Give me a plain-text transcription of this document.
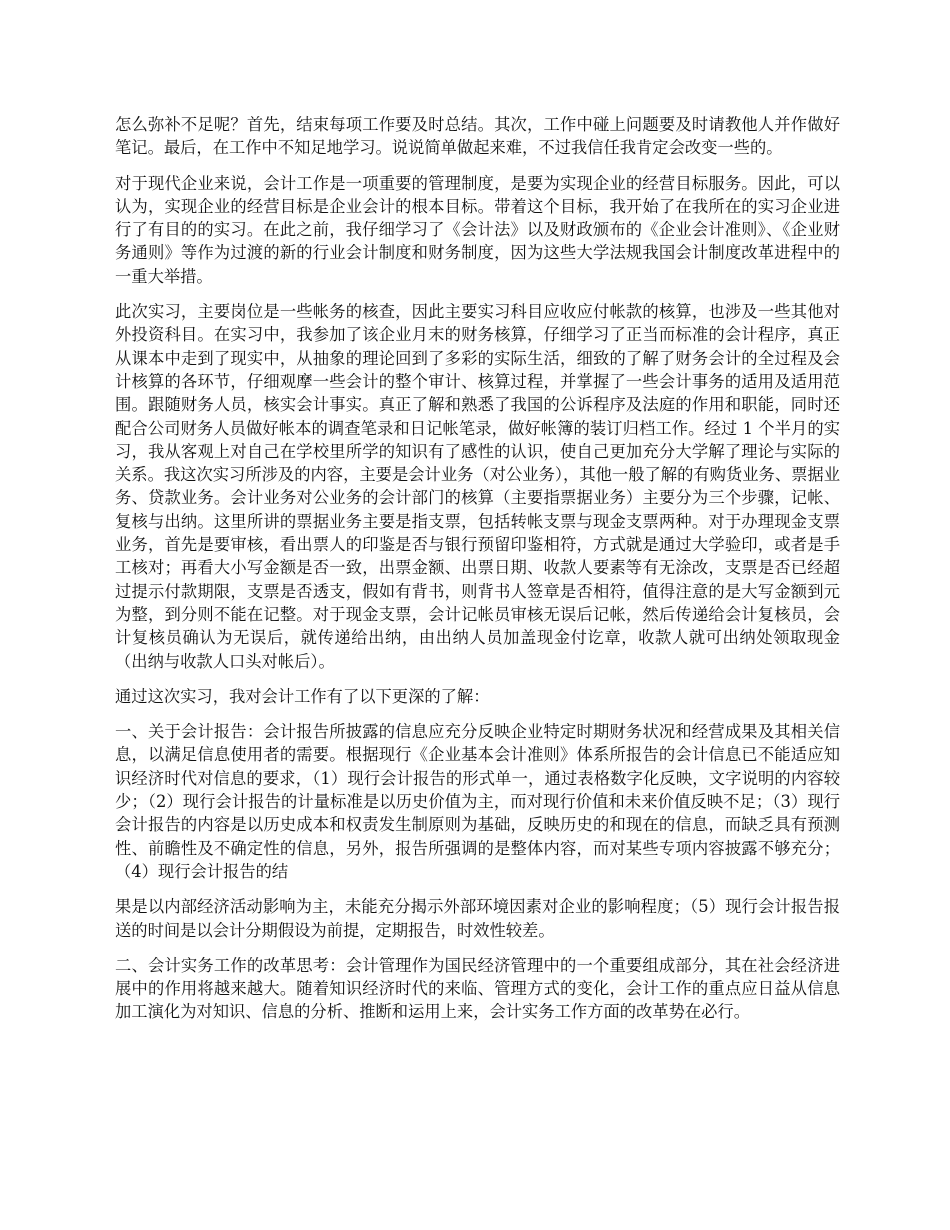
怎么弥补不足呢？首先，结束每项工作要及时总结。其次，工作中碰上问题要及时请教他人并作做好笔记。最后，在工作中不知足地学习。说说简单做起来难，不过我信任我肯定会改变一些的。

对于现代企业来说，会计工作是一项重要的管理制度，是要为实现企业的经营目标服务。因此，可以认为，实现企业的经营目标是企业会计的根本目标。带着这个目标，我开始了在我所在的实习企业进行了有目的的实习。在此之前，我仔细学习了《会计法》以及财政颁布的《企业会计准则》、《企业财务通则》等作为过渡的新的行业会计制度和财务制度，因为这些大学法规我国会计制度改革进程中的一重大举措。

此次实习，主要岗位是一些帐务的核查，因此主要实习科目应收应付帐款的核算，也涉及一些其他对外投资科目。在实习中，我参加了该企业月末的财务核算，仔细学习了正当而标准的会计程序，真正从课本中走到了现实中，从抽象的理论回到了多彩的实际生活，细致的了解了财务会计的全过程及会计核算的各环节，仔细观摩一些会计的整个审计、核算过程，并掌握了一些会计事务的适用及适用范围。跟随财务人员，核实会计事实。真正了解和熟悉了我国的公诉程序及法庭的作用和职能，同时还配合公司财务人员做好帐本的调查笔录和日记帐笔录，做好帐簿的装订归档工作。经过 1 个半月的实习，我从客观上对自己在学校里所学的知识有了感性的认识，使自己更加充分大学解了理论与实际的关系。我这次实习所涉及的内容，主要是会计业务（对公业务），其他一般了解的有购货业务、票据业务、贷款业务。会计业务对公业务的会计部门的核算（主要指票据业务）主要分为三个步骤，记帐、复核与出纳。这里所讲的票据业务主要是指支票，包括转帐支票与现金支票两种。对于办理现金支票业务，首先是要审核，看出票人的印鉴是否与银行预留印鉴相符，方式就是通过大学验印，或者是手工核对；再看大小写金额是否一致，出票金额、出票日期、收款人要素等有无涂改，支票是否已经超过提示付款期限，支票是否透支，假如有背书，则背书人签章是否相符，值得注意的是大写金额到元为整，到分则不能在记整。对于现金支票，会计记帐员审核无误后记帐，然后传递给会计复核员，会计复核员确认为无误后，就传递给出纳，由出纳人员加盖现金付讫章，收款人就可出纳处领取现金（出纳与收款人口头对帐后）。

通过这次实习，我对会计工作有了以下更深的了解：

一、关于会计报告：会计报告所披露的信息应充分反映企业特定时期财务状况和经营成果及其相关信息，以满足信息使用者的需要。根据现行《企业基本会计准则》体系所报告的会计信息已不能适应知识经济时代对信息的要求，（1）现行会计报告的形式单一，通过表格数字化反映，文字说明的内容较少；（2）现行会计报告的计量标准是以历史价值为主，而对现行价值和未来价值反映不足；（3）现行会计报告的内容是以历史成本和权责发生制原则为基础，反映历史的和现在的信息，而缺乏具有预测性、前瞻性及不确定性的信息，另外，报告所强调的是整体内容，而对某些专项内容披露不够充分；（4）现行会计报告的结

果是以内部经济活动影响为主，未能充分揭示外部环境因素对企业的影响程度；（5）现行会计报告报送的时间是以会计分期假设为前提，定期报告，时效性较差。

二、会计实务工作的改革思考：会计管理作为国民经济管理中的一个重要组成部分，其在社会经济进展中的作用将越来越大。随着知识经济时代的来临、管理方式的变化，会计工作的重点应日益从信息加工演化为对知识、信息的分析、推断和运用上来，会计实务工作方面的改革势在必行。
